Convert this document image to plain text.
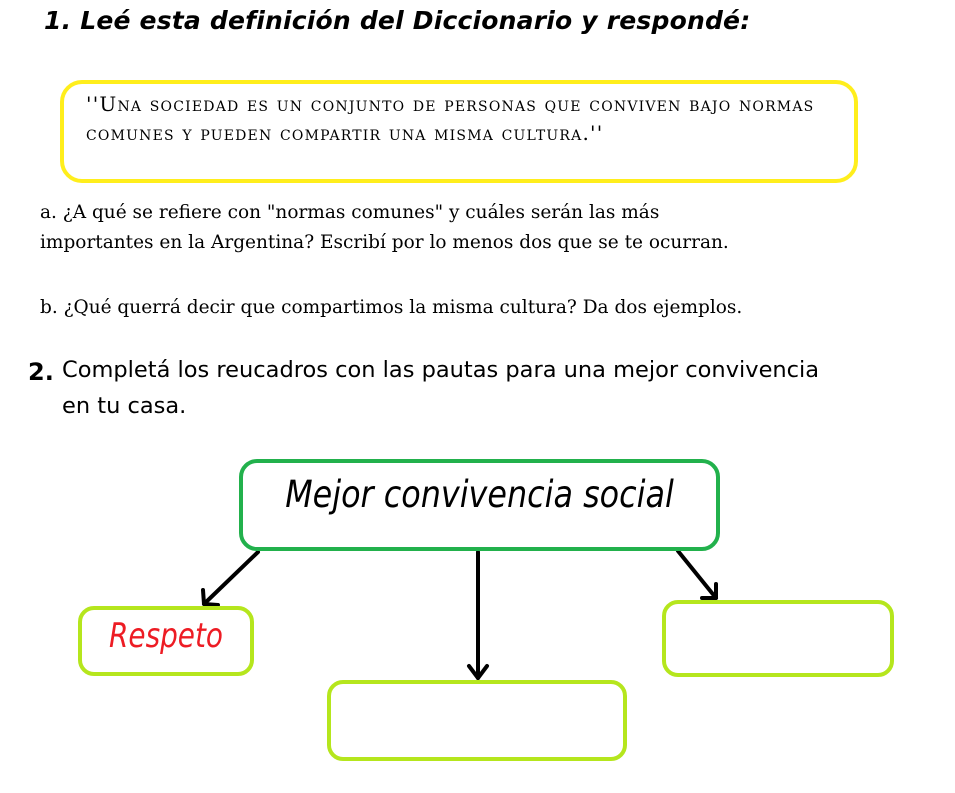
1. Leé esta definición del Diccionario y respondé:
''Una sociedad es un conjunto de personas que conviven bajo normas comunes y pueden compartir una misma cultura.''
a. ¿A qué se refiere con "normas comunes" y cuáles serán las más
importantes en la Argentina? Escribí por lo menos dos que se te ocurran.
b. ¿Qué querrá decir que compartimos la misma cultura? Da dos ejemplos.
2. Completá los reucadros con las pautas para una mejor convivencia
en tu casa.
Mejor convivencia social
Respeto
